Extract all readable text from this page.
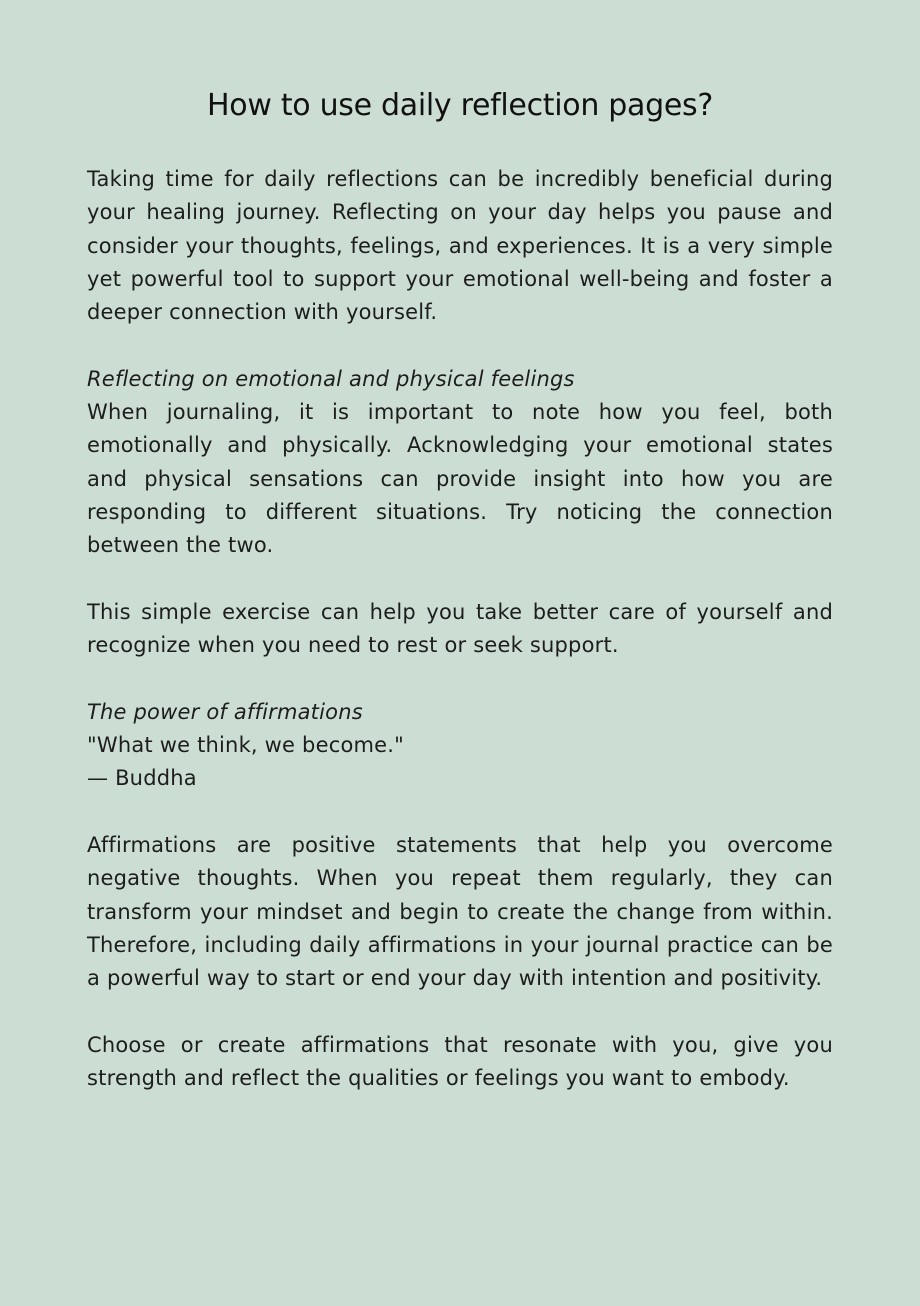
How to use daily reflection pages?

Taking time for daily reflections can be incredibly beneficial during your healing journey. Reflecting on your day helps you pause and consider your thoughts, feelings, and experiences. It is a very simple yet powerful tool to support your emotional well-being and foster a deeper connection with yourself.

Reflecting on emotional and physical feelings
When journaling, it is important to note how you feel, both emotionally and physically. Acknowledging your emotional states and physical sensations can provide insight into how you are responding to different situations. Try noticing the connection between the two.

This simple exercise can help you take better care of yourself and recognize when you need to rest or seek support.

The power of affirmations
"What we think, we become."
— Buddha

Affirmations are positive statements that help you overcome negative thoughts. When you repeat them regularly, they can transform your mindset and begin to create the change from within. Therefore, including daily affirmations in your journal practice can be a powerful way to start or end your day with intention and positivity.

Choose or create affirmations that resonate with you, give you strength and reflect the qualities or feelings you want to embody.
